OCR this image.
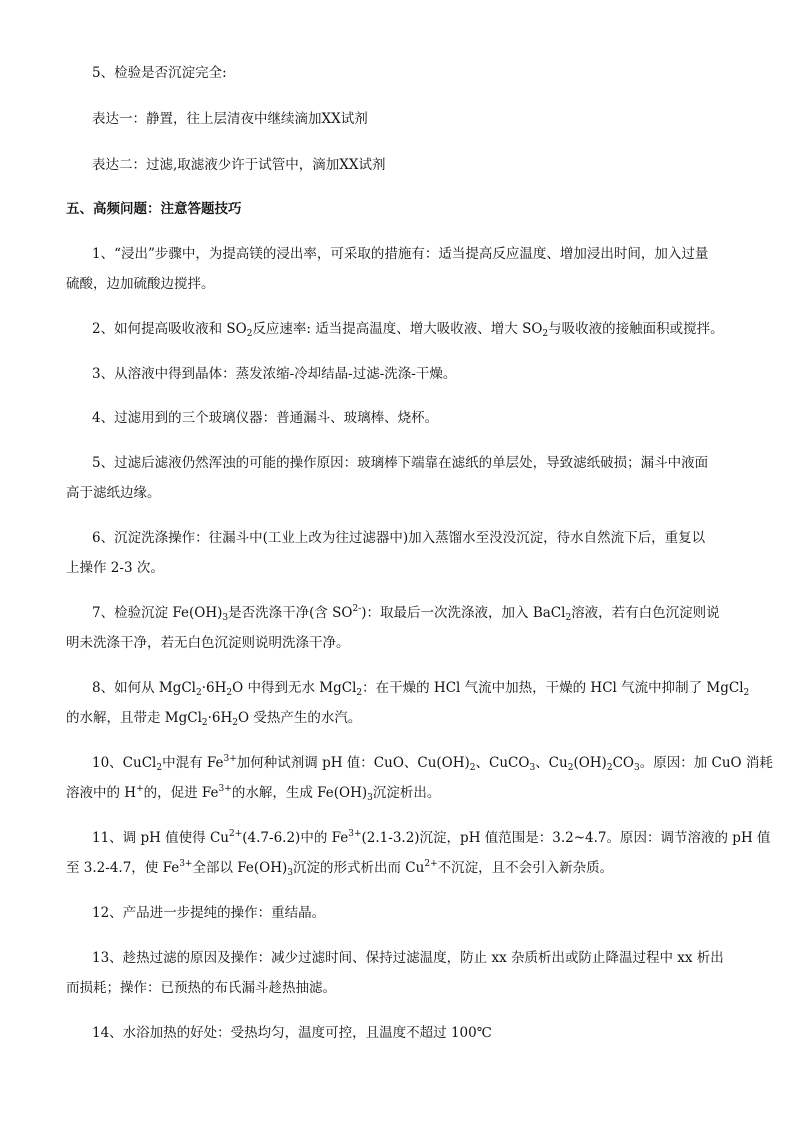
5、检验是否沉淀完全:
表达一：静置，往上层清夜中继续滴加XX试剂
表达二：过滤,取滤液少许于试管中，滴加XX试剂
五、高频问题：注意答题技巧
1、“浸出”步骤中，为提高镁的浸出率，可采取的措施有：适当提高反应温度、增加浸出时间，加入过量
硫酸，边加硫酸边搅拌。
2、如何提高吸收液和 $SO_2$反应速率: 适当提高温度、增大吸收液、增大 $SO_2$与吸收液的接触面积或搅拌。
3、从溶液中得到晶体：蒸发浓缩-冷却结晶-过滤-洗涤-干燥。
4、过滤用到的三个玻璃仪器：普通漏斗、玻璃棒、烧杯。
5、过滤后滤液仍然浑浊的可能的操作原因：玻璃棒下端靠在滤纸的单层处，导致滤纸破损；漏斗中液面
高于滤纸边缘。
6、沉淀洗涤操作：往漏斗中(工业上改为往过滤器中)加入蒸馏水至没没沉淀，待水自然流下后，重复以
上操作 2-3 次。
7、检验沉淀 $Fe(OH)_3$是否洗涤干净(含 $SO^{2-}$)：取最后一次洗涤液，加入 BaCl$_2$溶液，若有白色沉淀则说
明未洗涤干净，若无白色沉淀则说明洗涤干净。
8、如何从 $MgCl_2\cdot 6H_2O$ 中得到无水 MgCl$_2$：在干燥的 HCl 气流中加热，干燥的 HCl 气流中抑制了 MgCl$_2$
的水解，且带走 $MgCl_2\cdot 6H_2O$ 受热产生的水汽。
10、CuCl$_2$中混有 $Fe^{3+}$加何种试剂调 pH 值：CuO、$Cu(OH)_2$、CuCO$_3$、$Cu_2(OH)_2CO_3$。原因：加 CuO 消耗
溶液中的 H+的，促进 $Fe^{3+}$的水解，生成 $Fe(OH)_3$沉淀析出。
11、调 pH 值使得 $Cu^{2+}(4.7-6.2)$中的 $Fe^{3+}(2.1-3.2)$沉淀，pH 值范围是：3.2~4.7。原因：调节溶液的 pH 值
至 3.2-4.7，使 $Fe^{3+}$全部以 $Fe(OH)_3$沉淀的形式析出而 $Cu^{2+}$不沉淀，且不会引入新杂质。
12、产品进一步提纯的操作：重结晶。
13、趁热过滤的原因及操作：减少过滤时间、保持过滤温度，防止 xx 杂质析出或防止降温过程中 xx 析出
而损耗；操作：已预热的布氏漏斗趁热抽滤。
14、水浴加热的好处：受热均匀，温度可控，且温度不超过 100℃
